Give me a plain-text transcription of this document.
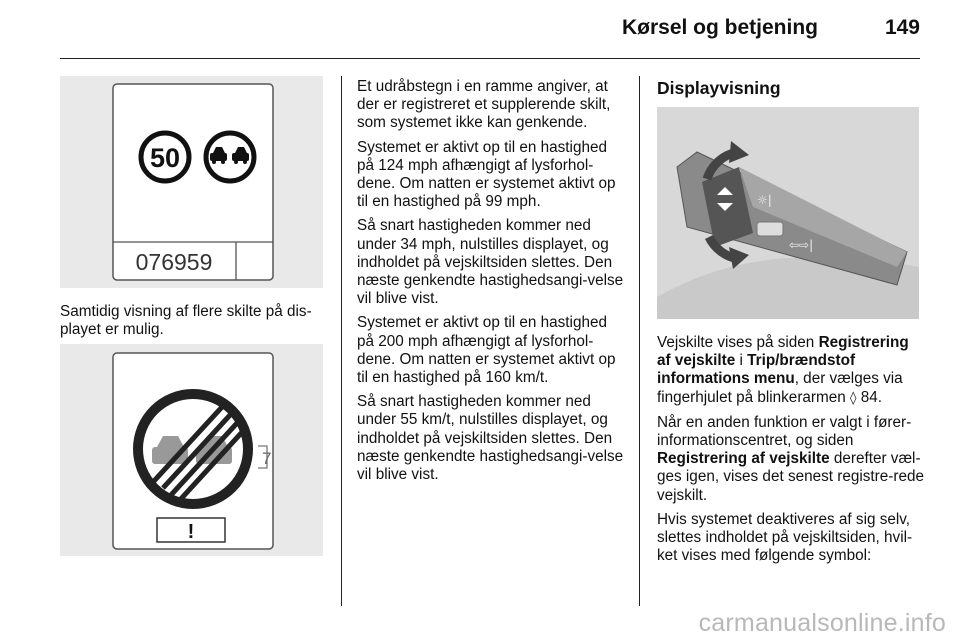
Kørsel og betjening	149
50
076959

Samtidig visning af flere skilte på dis-playet er mulig.

7
!

Et udråbstegn i en ramme angiver, at der er registreret et supplerende skilt, som systemet ikke kan genkende.

Systemet er aktivt op til en hastighed på 124 mph afhængigt af lysforhol-dene. Om natten er systemet aktivt op til en hastighed på 99 mph.

Så snart hastigheden kommer ned under 34 mph, nulstilles displayet, og indholdet på vejskiltsiden slettes. Den næste genkendte hastighedsangi-velse vil blive vist.

Systemet er aktivt op til en hastighed på 200 mph afhængigt af lysforhol-dene. Om natten er systemet aktivt op til en hastighed på 160 km/t.

Så snart hastigheden kommer ned under 55 km/t, nulstilles displayet, og indholdet på vejskiltsiden slettes. Den næste genkendte hastighedsangi-velse vil blive vist.

Displayvisning
⇦⇨|
☼|

Vejskilte vises på siden Registrering af vejskilte i Trip/brændstof informations menu, der vælges via fingerhjulet på blinkerarmen ◊ 84.

Når en anden funktion er valgt i fører-informationscentret, og siden Registrering af vejskilte derefter væl-ges igen, vises det senest registre-rede vejskilt.

Hvis systemet deaktiveres af sig selv, slettes indholdet på vejskiltsiden, hvil-ket vises med følgende symbol:

carmanualsonline.info
